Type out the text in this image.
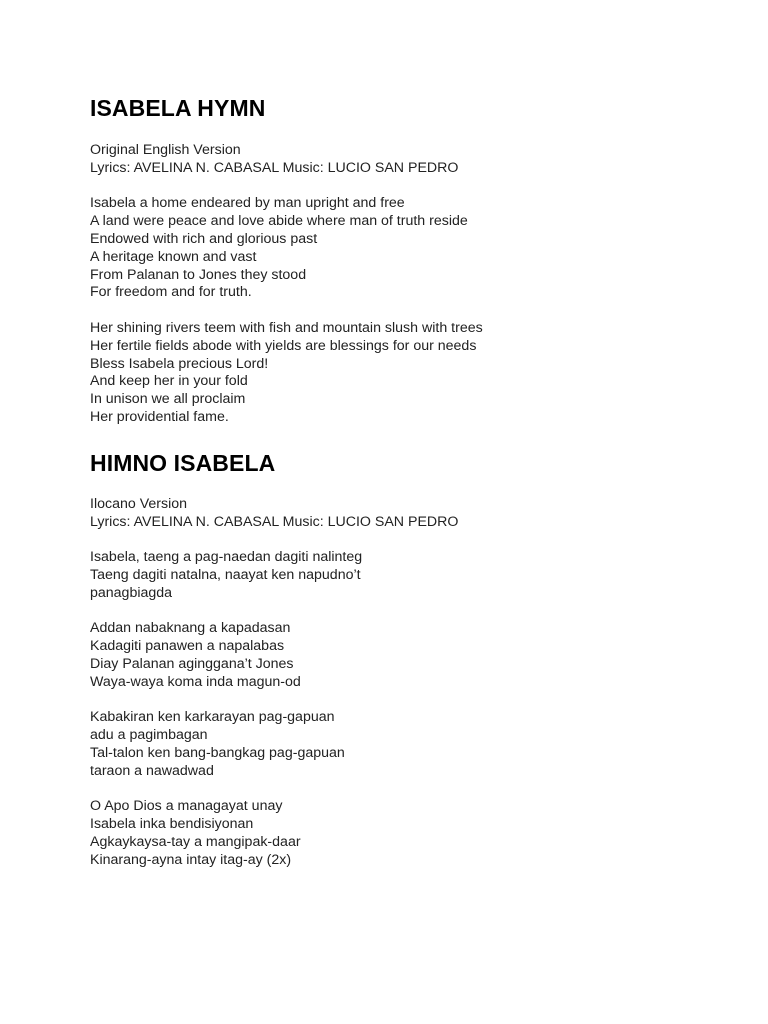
ISABELA HYMN
Original English Version
Lyrics: AVELINA N. CABASAL Music: LUCIO SAN PEDRO
Isabela a home endeared by man upright and free
A land were peace and love abide where man of truth reside
Endowed with rich and glorious past
A heritage known and vast
From Palanan to Jones they stood
For freedom and for truth.
Her shining rivers teem with fish and mountain slush with trees
Her fertile fields abode with yields are blessings for our needs
Bless Isabela precious Lord!
And keep her in your fold
In unison we all proclaim
Her providential fame.
HIMNO ISABELA
Ilocano Version
Lyrics: AVELINA N. CABASAL Music: LUCIO SAN PEDRO
Isabela, taeng a pag-naedan dagiti nalinteg
Taeng dagiti natalna, naayat ken napudno’t
panagbiagda
Addan nabaknang a kapadasan
Kadagiti panawen a napalabas
Diay Palanan aginggana’t Jones
Waya-waya koma inda magun-od
Kabakiran ken karkarayan pag-gapuan
adu a pagimbagan
Tal-talon ken bang-bangkag pag-gapuan
taraon a nawadwad
O Apo Dios a managayat unay
Isabela inka bendisiyonan
Agkaykaysa-tay a mangipak-daar
Kinarang-ayna intay itag-ay (2x)
